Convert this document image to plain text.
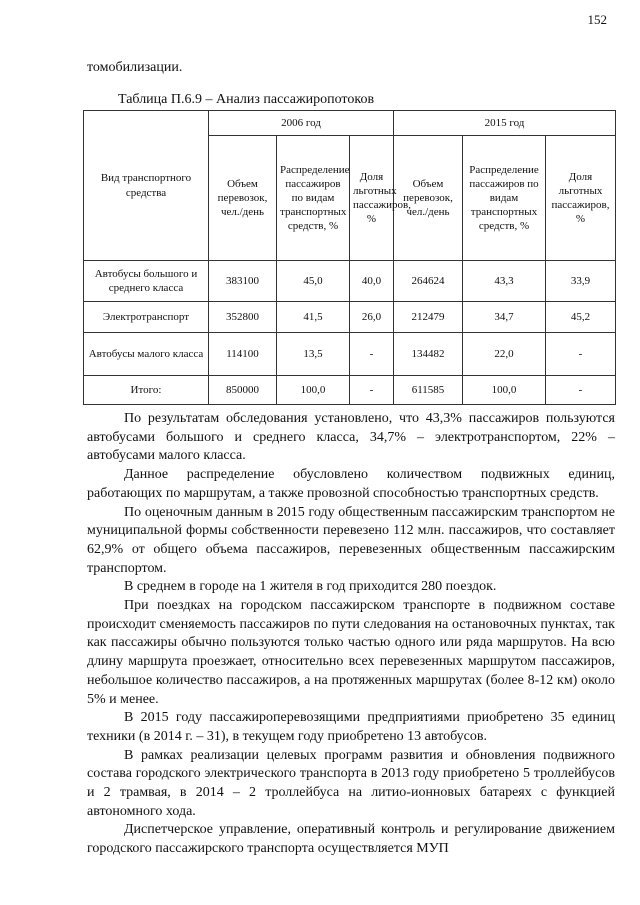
152
томобилизации.
Таблица П.6.9 – Анализ пассажиропотоков
Вид транспортного средства	2006 год			2015 год		
	Объем перевозок, чел./день	Распределение пассажиров по видам транспортных средств, %	Доля льготных пассажиров, %	Объем перевозок, чел./день	Распределение пассажиров по видам транспортных средств, %	Доля льготных пассажиров, %
Автобусы большого и среднего класса	383100	45,0	40,0	264624	43,3	33,9
Электротранспорт	352800	41,5	26,0	212479	34,7	45,2
Автобусы малого класса	114100	13,5	-	134482	22,0	-
Итого:	850000	100,0	-	611585	100,0	-

По результатам обследования установлено, что 43,3% пассажиров пользуются автобусами большого и среднего класса, 34,7% – электротранспортом, 22% – автобусами малого класса.

Данное распределение обусловлено количеством подвижных единиц, работающих по маршрутам, а также провозной способностью транспортных средств.

По оценочным данным в 2015 году общественным пассажирским транспортом не муниципальной формы собственности перевезено 112 млн. пассажиров, что составляет 62,9% от общего объема пассажиров, перевезенных общественным пассажирским транспортом.

В среднем в городе на 1 жителя в год приходится 280 поездок.

При поездках на городском пассажирском транспорте в подвижном составе происходит сменяемость пассажиров по пути следования на остановочных пунктах, так как пассажиры обычно пользуются только частью одного или ряда маршрутов. На всю длину маршрута проезжает, относительно всех перевезенных маршрутом пассажиров, небольшое количество пассажиров, а на протяженных маршрутах (более 8-12 км) около 5% и менее.

В 2015 году пассажироперевозящими предприятиями приобретено 35 единиц техники (в 2014 г. – 31), в текущем году приобретено 13 автобусов.

В рамках реализации целевых программ развития и обновления подвижного состава городского электрического транспорта в 2013 году приобретено 5 троллейбусов и 2 трамвая, в 2014 – 2 троллейбуса на литио-ионновых батареях с функцией автономного хода.

Диспетчерское управление, оперативный контроль и регулирование движением городского пассажирского транспорта осуществляется МУП
